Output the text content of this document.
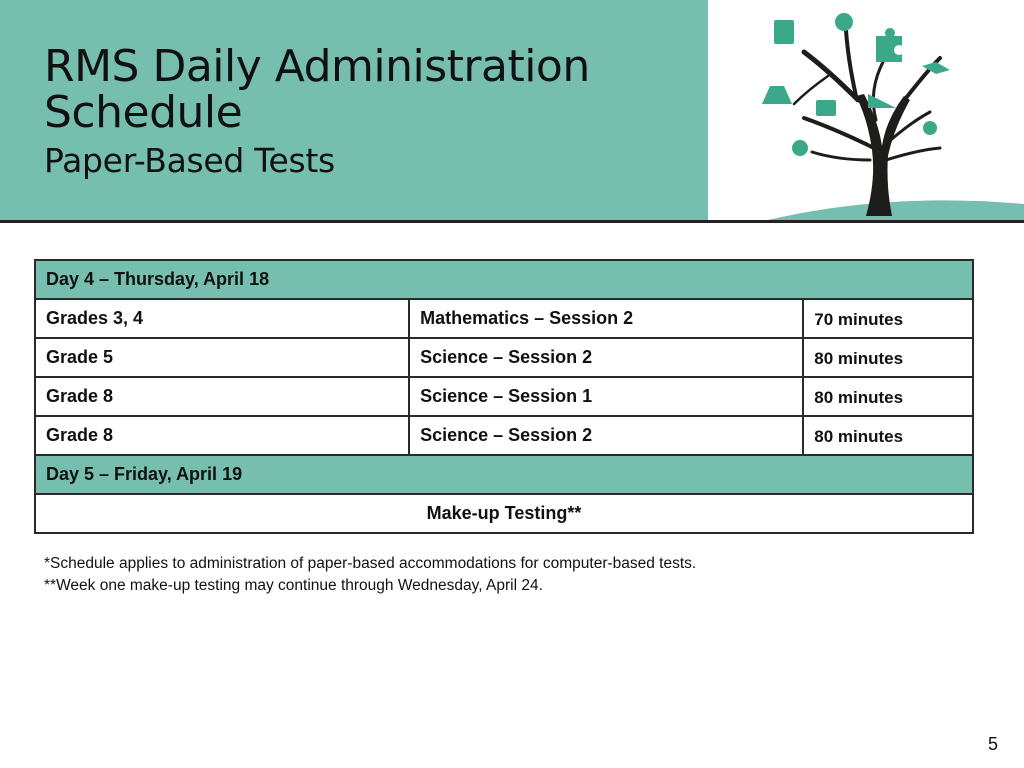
RMS Daily Administration Schedule
Paper-Based Tests
Day 4 – Thursday, April 18		
Grades 3, 4	Mathematics – Session 2	70 minutes
Grade 5	Science – Session 2	80 minutes
Grade 8	Science – Session 1	80 minutes
Grade 8	Science – Session 2	80 minutes
Day 5 – Friday, April 19		
Make-up Testing**		

*Schedule applies to administration of paper-based accommodations for computer-based tests.

**Week one make-up testing may continue through Wednesday, April 24.

5
